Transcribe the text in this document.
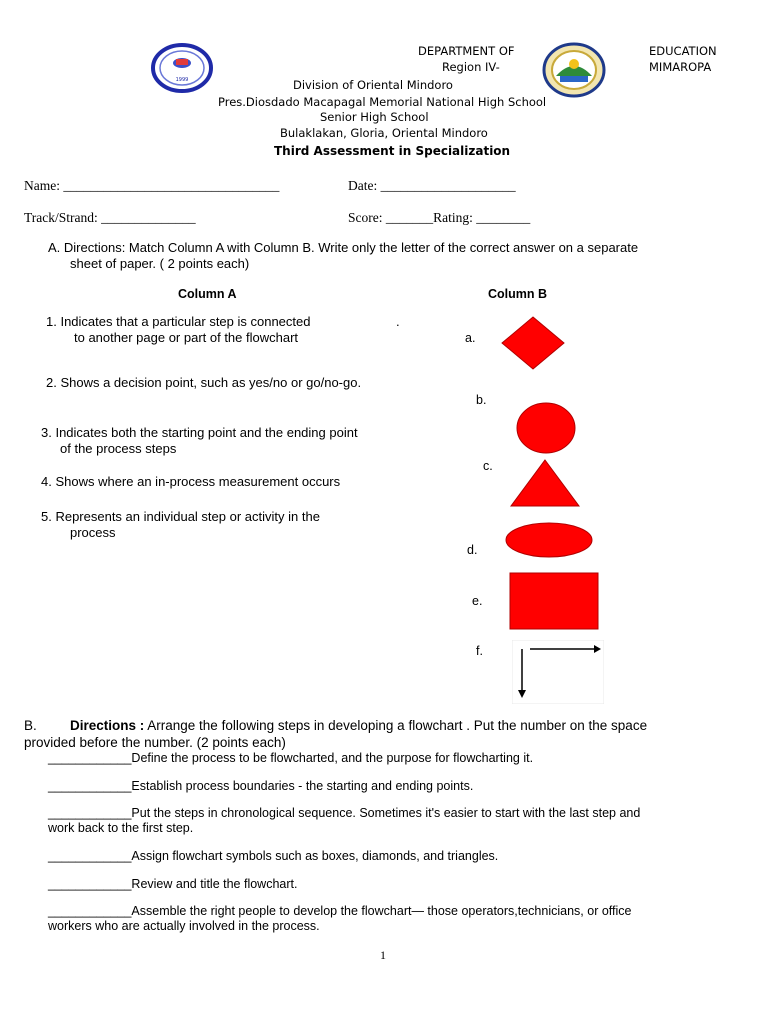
1999
DEPARTMENT OF	EDUCATION
Region IV-	MIMAROPA
Division of Oriental Mindoro
Pres.Diosdado Macapagal Memorial National High School
Senior High School
Bulaklakan, Gloria, Oriental Mindoro
Third Assessment in Specialization
Name: ________________________________	Date: ____________________
Track/Strand: ______________	Score: _______Rating: ________
A. Directions: Match Column A with Column B. Write only the letter of the correct answer on a separate
sheet of paper. ( 2 points each)
Column A	Column B
1. Indicates that a particular step is connected	.
to another page or part of the flowchart
2. Shows a decision point, such as yes/no or go/no-go.
3. Indicates both the starting point and the ending point
of the process steps
4. Shows where an in-process measurement occurs
5. Represents an individual step or activity in the
process
a.
b.
c.
d.
e.
f.
B. Directions : Arrange the following steps in developing a flowchart . Put the number on the space
provided before the number. (2 points each)
____________Define the process to be flowcharted, and the purpose for flowcharting it.
____________Establish process boundaries - the starting and ending points.
____________Put the steps in chronological sequence. Sometimes it's easier to start with the last step and
work back to the first step.
____________Assign flowchart symbols such as boxes, diamonds, and triangles.
____________Review and title the flowchart.
____________Assemble the right people to develop the flowchart— those operators,technicians, or office
workers who are actually involved in the process.
1
